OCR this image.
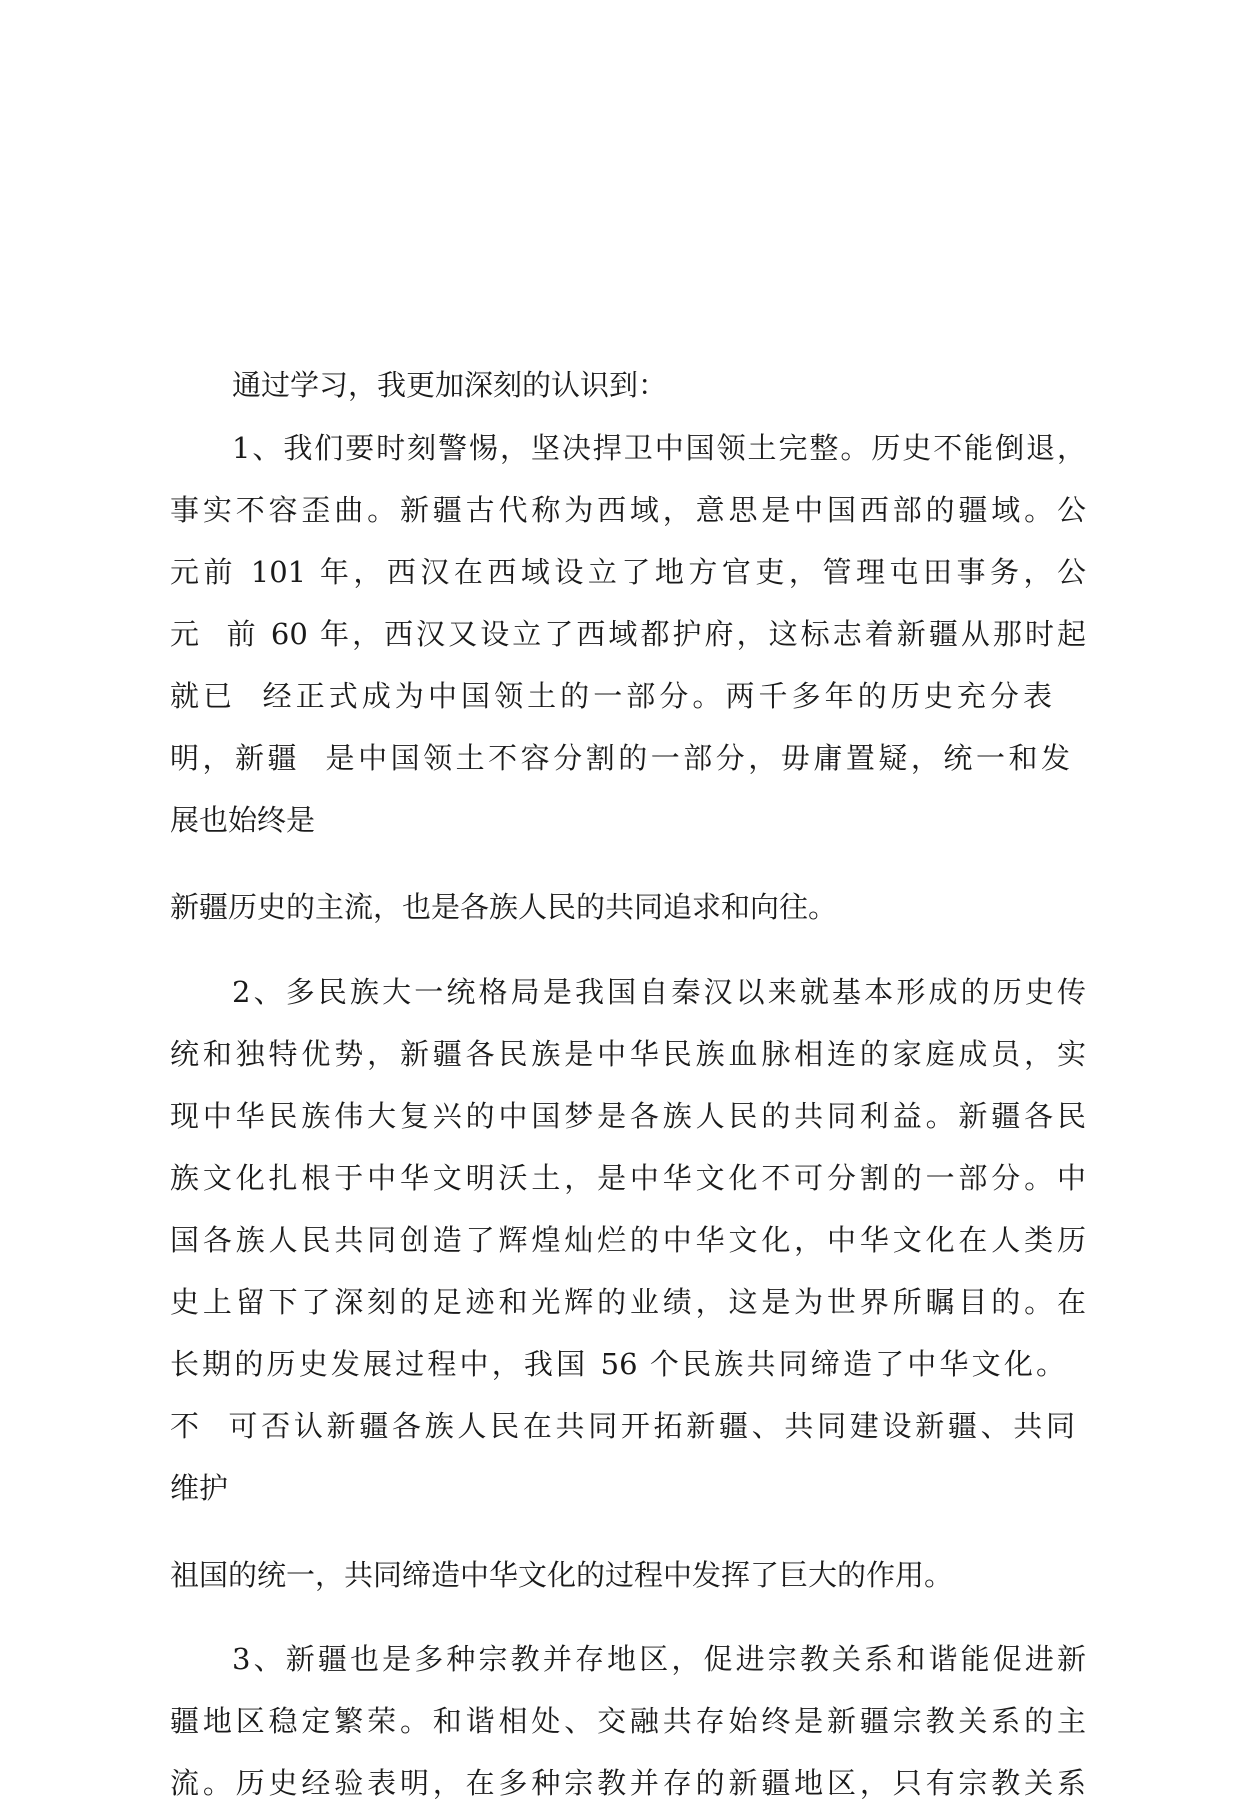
通过学习，我更加深刻的认识到：
1、我们要时刻警惕，坚决捍卫中国领土完整。历史不能倒退，
事实不容歪曲。新疆古代称为西域，意思是中国西部的疆域。公
元前 101 年，西汉在西域设立了地方官吏，管理屯田事务，公
元  前 60 年，西汉又设立了西域都护府，这标志着新疆从那时起
就已  经正式成为中国领土的一部分。两千多年的历史充分表
明，新疆  是中国领土不容分割的一部分，毋庸置疑，统一和发
展也始终是
新疆历史的主流，也是各族人民的共同追求和向往。
2、多民族大一统格局是我国自秦汉以来就基本形成的历史传
统和独特优势，新疆各民族是中华民族血脉相连的家庭成员，实
现中华民族伟大复兴的中国梦是各族人民的共同利益。新疆各民
族文化扎根于中华文明沃土，是中华文化不可分割的一部分。中
国各族人民共同创造了辉煌灿烂的中华文化，中华文化在人类历
史上留下了深刻的足迹和光辉的业绩，这是为世界所瞩目的。在
长期的历史发展过程中，我国 56 个民族共同缔造了中华文化。
不  可否认新疆各族人民在共同开拓新疆、共同建设新疆、共同
维护
祖国的统一，共同缔造中华文化的过程中发挥了巨大的作用。
3、新疆也是多种宗教并存地区，促进宗教关系和谐能促进新
疆地区稳定繁荣。和谐相处、交融共存始终是新疆宗教关系的主
流。历史经验表明，在多种宗教并存的新疆地区，只有宗教关系
